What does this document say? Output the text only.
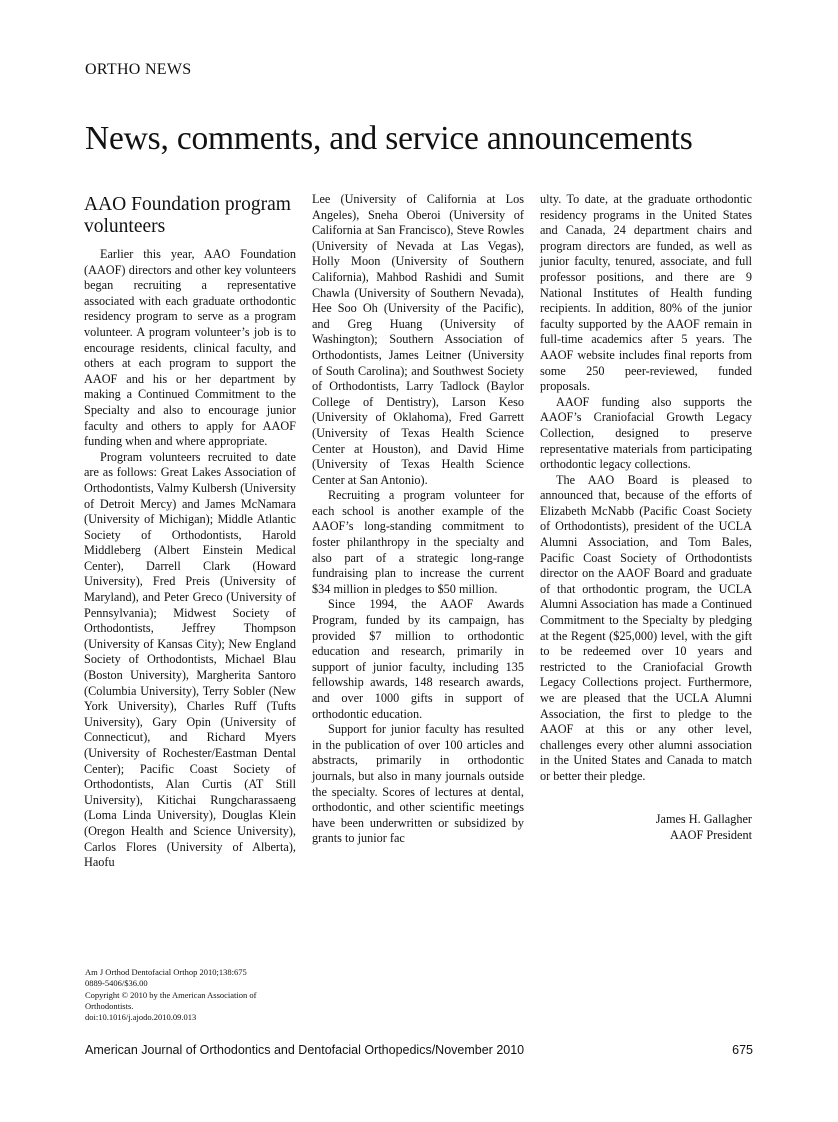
ORTHO NEWS
News, comments, and service announcements
AAO Foundation program volunteers

Earlier this year, AAO Foundation (AAOF) directors and other key volunteers began recruiting a representative associated with each graduate orthodontic residency program to serve as a program volunteer. A program volunteer’s job is to encourage residents, clinical faculty, and others at each program to support the AAOF and his or her department by making a Continued Commitment to the Specialty and also to encourage junior faculty and others to apply for AAOF funding when and where appropriate.

Program volunteers recruited to date are as follows: Great Lakes Association of Orthodontists, Valmy Kulbersh (University of Detroit Mercy) and James McNamara (University of Michigan); Middle Atlantic Society of Orthodontists, Harold Middleberg (Albert Einstein Medical Center), Darrell Clark (Howard University), Fred Preis (University of Maryland), and Peter Greco (University of Pennsylvania); Midwest Society of Orthodontists, Jeffrey Thompson (University of Kansas City); New England Society of Orthodontists, Michael Blau (Boston University), Margherita Santoro (Columbia University), Terry Sobler (New York University), Charles Ruff (Tufts University), Gary Opin (University of Connecticut), and Richard Myers (University of Rochester/Eastman Dental Center); Pacific Coast Society of Orthodontists, Alan Curtis (AT Still University), Kitichai Rungcharassaeng (Loma Linda University), Douglas Klein (Oregon Health and Science University), Carlos Flores (University of Alberta), Haofu

Lee (University of California at Los Angeles), Sneha Oberoi (University of California at San Francisco), Steve Rowles (University of Nevada at Las Vegas), Holly Moon (University of Southern California), Mahbod Rashidi and Sumit Chawla (University of Southern Nevada), Hee Soo Oh (University of the Pacific), and Greg Huang (University of Washington); Southern Association of Orthodontists, James Leitner (University of South Carolina); and Southwest Society of Orthodontists, Larry Tadlock (Baylor College of Dentistry), Larson Keso (University of Oklahoma), Fred Garrett (University of Texas Health Science Center at Houston), and David Hime (University of Texas Health Science Center at San Antonio).

Recruiting a program volunteer for each school is another example of the AAOF’s long-standing commitment to foster philanthropy in the specialty and also part of a strategic long-range fundraising plan to increase the current $34 million in pledges to $50 million.

Since 1994, the AAOF Awards Program, funded by its campaign, has provided $7 million to orthodontic education and research, primarily in support of junior faculty, including 135 fellowship awards, 148 research awards, and over 1000 gifts in support of orthodontic education.

Support for junior faculty has resulted in the publication of over 100 articles and abstracts, primarily in orthodontic journals, but also in many journals outside the specialty. Scores of lectures at dental, orthodontic, and other scientific meetings have been underwritten or subsidized by grants to junior fac

ulty. To date, at the graduate orthodontic residency programs in the United States and Canada, 24 department chairs and program directors are funded, as well as junior faculty, tenured, associate, and full professor positions, and there are 9 National Institutes of Health funding recipients. In addition, 80% of the junior faculty supported by the AAOF remain in full-time academics after 5 years. The AAOF website includes final reports from some 250 peer-reviewed, funded proposals.

AAOF funding also supports the AAOF’s Craniofacial Growth Legacy Collection, designed to preserve representative materials from participating orthodontic legacy collections.

The AAO Board is pleased to announced that, because of the efforts of Elizabeth McNabb (Pacific Coast Society of Orthodontists), president of the UCLA Alumni Association, and Tom Bales, Pacific Coast Society of Orthodontists director on the AAOF Board and graduate of that orthodontic program, the UCLA Alumni Association has made a Continued Commitment to the Specialty by pledging at the Regent ($25,000) level, with the gift to be redeemed over 10 years and restricted to the Craniofacial Growth Legacy Collections project. Furthermore, we are pleased that the UCLA Alumni Association, the first to pledge to the AAOF at this or any other level, challenges every other alumni association in the United States and Canada to match or better their pledge.

James H. Gallagher
AAOF President
Am J Orthod Dentofacial Orthop 2010;138:675
0889-5406/$36.00
Copyright © 2010 by the American Association of Orthodontists.
doi:10.1016/j.ajodo.2010.09.013
American Journal of Orthodontics and Dentofacial Orthopedics/November 2010	675
